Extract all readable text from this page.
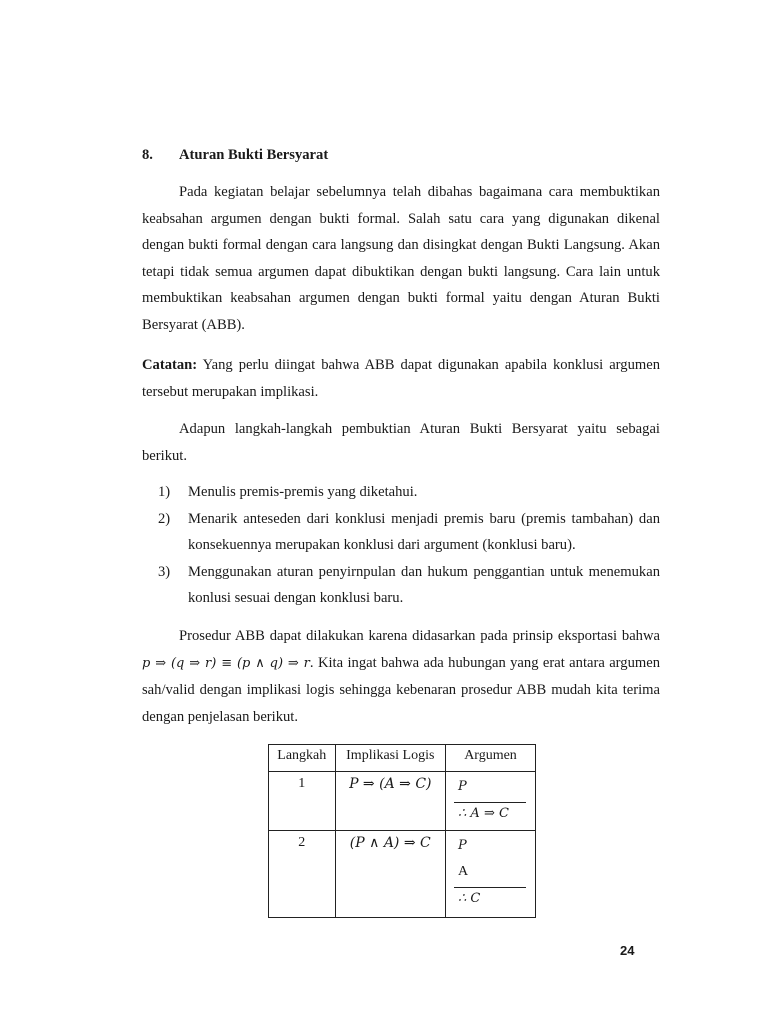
8. Aturan Bukti Bersyarat

Pada kegiatan belajar sebelumnya telah dibahas bagaimana cara membuktikan keabsahan argumen dengan bukti formal. Salah satu cara yang digunakan dikenal dengan bukti formal dengan cara langsung dan disingkat dengan Bukti Langsung. Akan tetapi tidak semua argumen dapat dibuktikan dengan bukti langsung. Cara lain untuk membuktikan keabsahan argumen dengan bukti formal yaitu dengan Aturan Bukti Bersyarat (ABB).

Catatan: Yang perlu diingat bahwa ABB dapat digunakan apabila konklusi argumen tersebut merupakan implikasi.

Adapun langkah-langkah pembuktian Aturan Bukti Bersyarat yaitu sebagai berikut.

1) Menulis premis-premis yang diketahui.
2) Menarik anteseden dari konklusi menjadi premis baru (premis tambahan) dan konsekuennya merupakan konklusi dari argument (konklusi baru).
3) Menggunakan aturan penyirnpulan dan hukum penggantian untuk menemukan konlusi sesuai dengan konklusi baru.

Prosedur ABB dapat dilakukan karena didasarkan pada prinsip eksportasi bahwa p ⇒ (q ⇒ r) ≡ (p ∧ q) ⇒ r. Kita ingat bahwa ada hubungan yang erat antara argumen sah/valid dengan implikasi logis sehingga kebenaran prosedur ABB mudah kita terima dengan penjelasan berikut.

Langkah	Implikasi Logis	Argumen
1	P ⇒ (A ⇒ C)	P
∴ A ⇒ C

2	(P ∧ A) ⇒ C	P
A
∴ C
24
